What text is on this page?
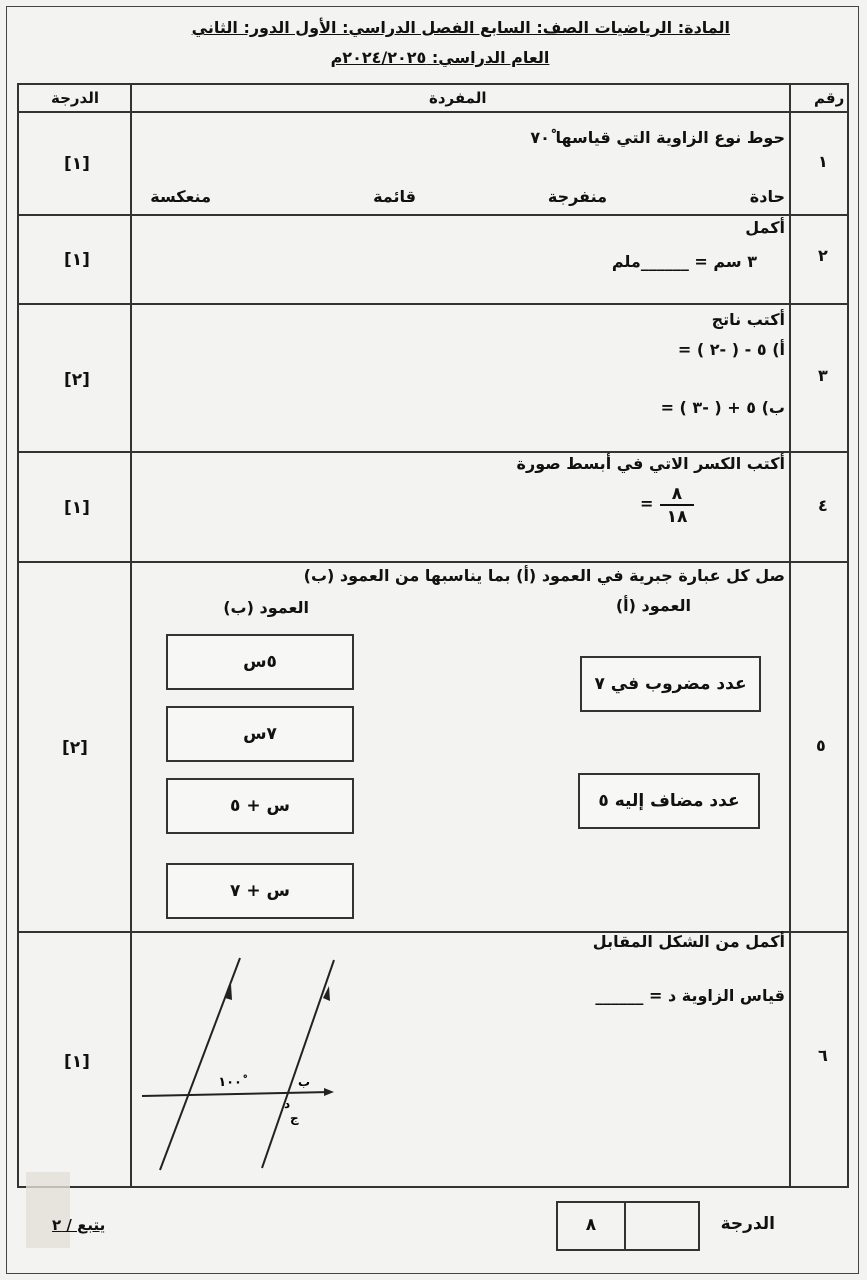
المادة: الرياضيات الصف: السابع الفصل الدراسي: الأول الدور: الثاني
العام الدراسي: ٢٠٢٤/٢٠٢٥م
رقم
المفردة
الدرجة
١
[١]
حوط نوع الزاوية التي قياسها ٧٠ْ
حادة
منفرجة
قائمة
منعكسة
٢
[١]
أكمل
٣ سم = ______ملم
٣
[٢]
أكتب ناتج
أ) ٥ - ( -٢ ) =
ب) ٥ + ( -٣ ) =
٤
[١]
أكتب الكسر الاتي في أبسط صورة
٨
١٨
=
٥
[٢]
صل كل عبارة جبرية في العمود (أ) بما يناسبها من العمود (ب)
العمود (أ)
العمود (ب)
عدد مضروب في ٧
عدد مضاف إليه ٥
٥س
٧س
س + ٥
س + ٧
٦
[١]
أكمل من الشكل المقابل
قياس الزاوية د = ______
١٠٠ْ	ب
د
ج
الدرجة
٨
يتبع / ٢
